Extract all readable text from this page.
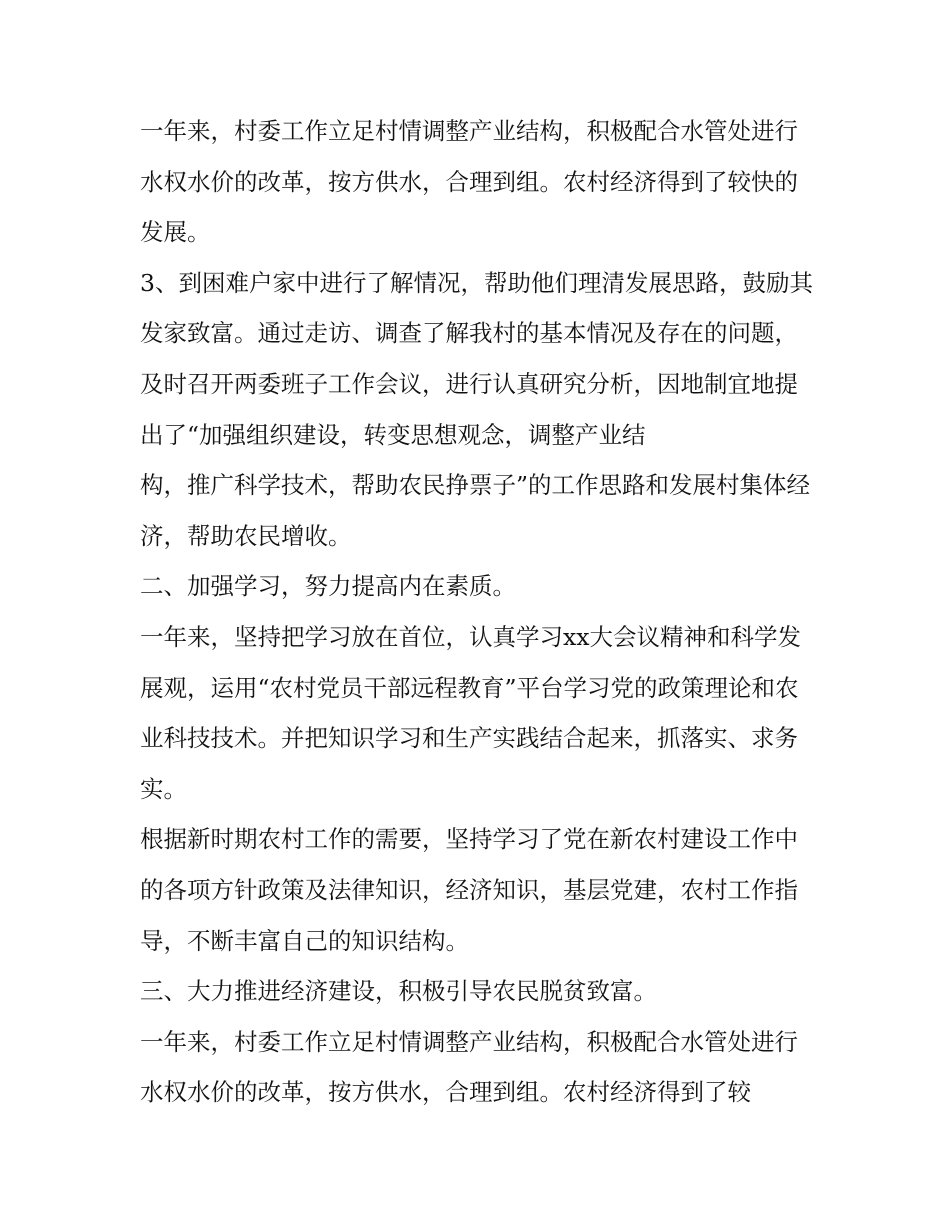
一年来，村委工作立足村情调整产业结构，积极配合水管处进行水权水价的改革，按方供水，合理到组。农村经济得到了较快的发展。

3、到困难户家中进行了解情况，帮助他们理清发展思路，鼓励其发家致富。通过走访、调查了解我村的基本情况及存在的问题，及时召开两委班子工作会议，进行认真研究分析，因地制宜地提出了“加强组织建设，转变思想观念，调整产业结
构，推广科学技术，帮助农民挣票子”的工作思路和发展村集体经济，帮助农民增收。

二、加强学习，努力提高内在素质。

一年来，坚持把学习放在首位，认真学习xx大会议精神和科学发展观，运用“农村党员干部远程教育”平台学习党的政策理论和农业科技技术。并把知识学习和生产实践结合起来，抓落实、求务实。

根据新时期农村工作的需要，坚持学习了党在新农村建设工作中的各项方针政策及法律知识，经济知识，基层党建，农村工作指导，不断丰富自己的知识结构。

三、大力推进经济建设，积极引导农民脱贫致富。

一年来，村委工作立足村情调整产业结构，积极配合水管处进行水权水价的改革，按方供水，合理到组。农村经济得到了较
